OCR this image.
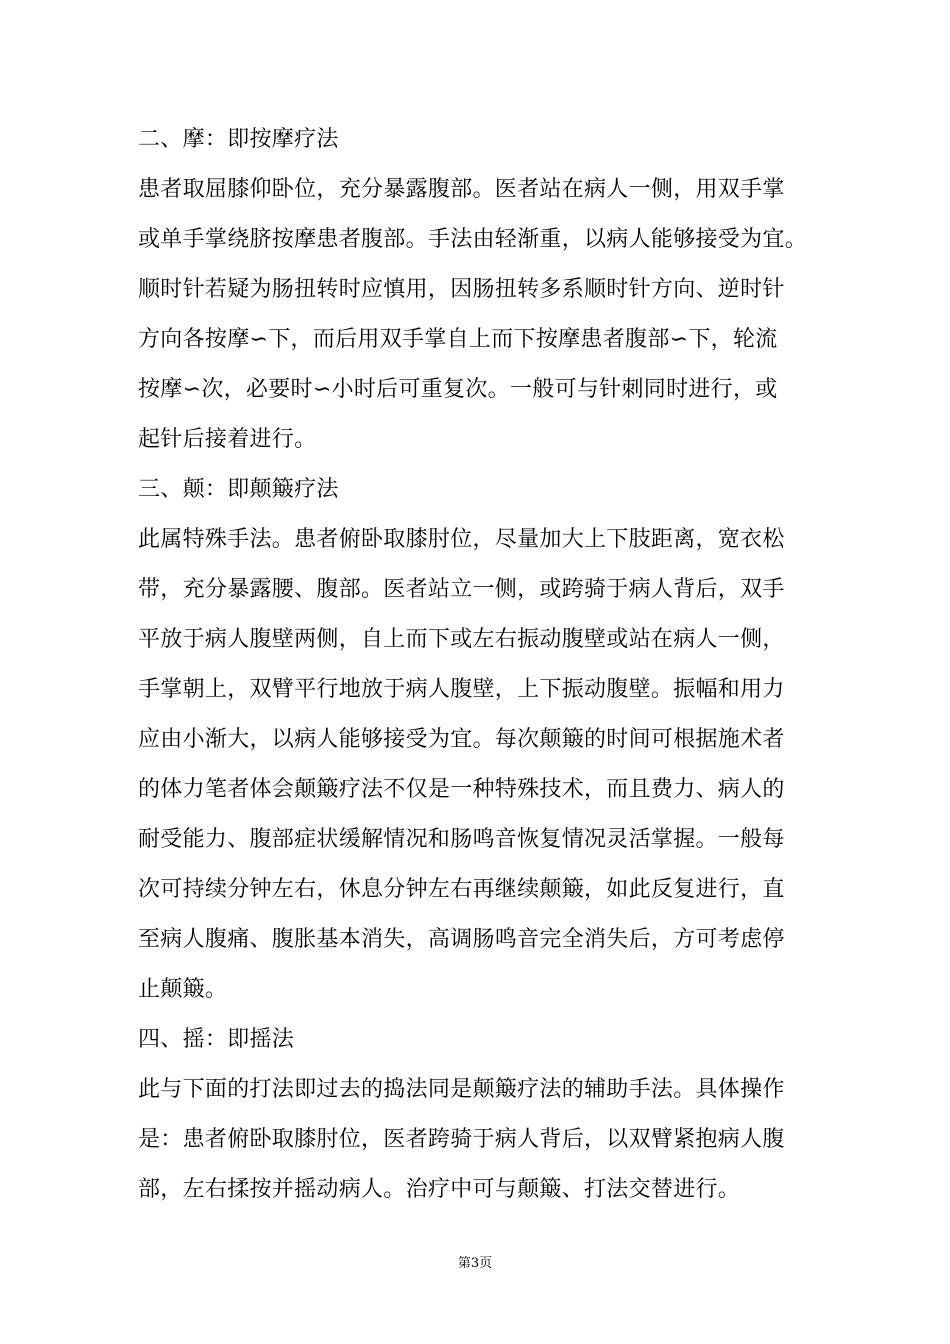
二、摩：即按摩疗法
患者取屈膝仰卧位，充分暴露腹部。医者站在病人一侧，用双手掌
或单手掌绕脐按摩患者腹部。手法由轻渐重，以病人能够接受为宜。
顺时针若疑为肠扭转时应慎用，因肠扭转多系顺时针方向、逆时针
方向各按摩∽下，而后用双手掌自上而下按摩患者腹部∽下，轮流
按摩∽次，必要时∽小时后可重复次。一般可与针刺同时进行，或
起针后接着进行。
三、颠：即颠簸疗法
此属特殊手法。患者俯卧取膝肘位，尽量加大上下肢距离，宽衣松
带，充分暴露腰、腹部。医者站立一侧，或跨骑于病人背后，双手
平放于病人腹壁两侧，自上而下或左右振动腹壁或站在病人一侧，
手掌朝上，双臂平行地放于病人腹壁，上下振动腹壁。振幅和用力
应由小渐大，以病人能够接受为宜。每次颠簸的时间可根据施术者
的体力笔者体会颠簸疗法不仅是一种特殊技术，而且费力、病人的
耐受能力、腹部症状缓解情况和肠鸣音恢复情况灵活掌握。一般每
次可持续分钟左右，休息分钟左右再继续颠簸，如此反复进行，直
至病人腹痛、腹胀基本消失，高调肠鸣音完全消失后，方可考虑停
止颠簸。
四、摇：即摇法
此与下面的打法即过去的捣法同是颠簸疗法的辅助手法。具体操作
是：患者俯卧取膝肘位，医者跨骑于病人背后，以双臂紧抱病人腹
部，左右揉按并摇动病人。治疗中可与颠簸、打法交替进行。
第3页
